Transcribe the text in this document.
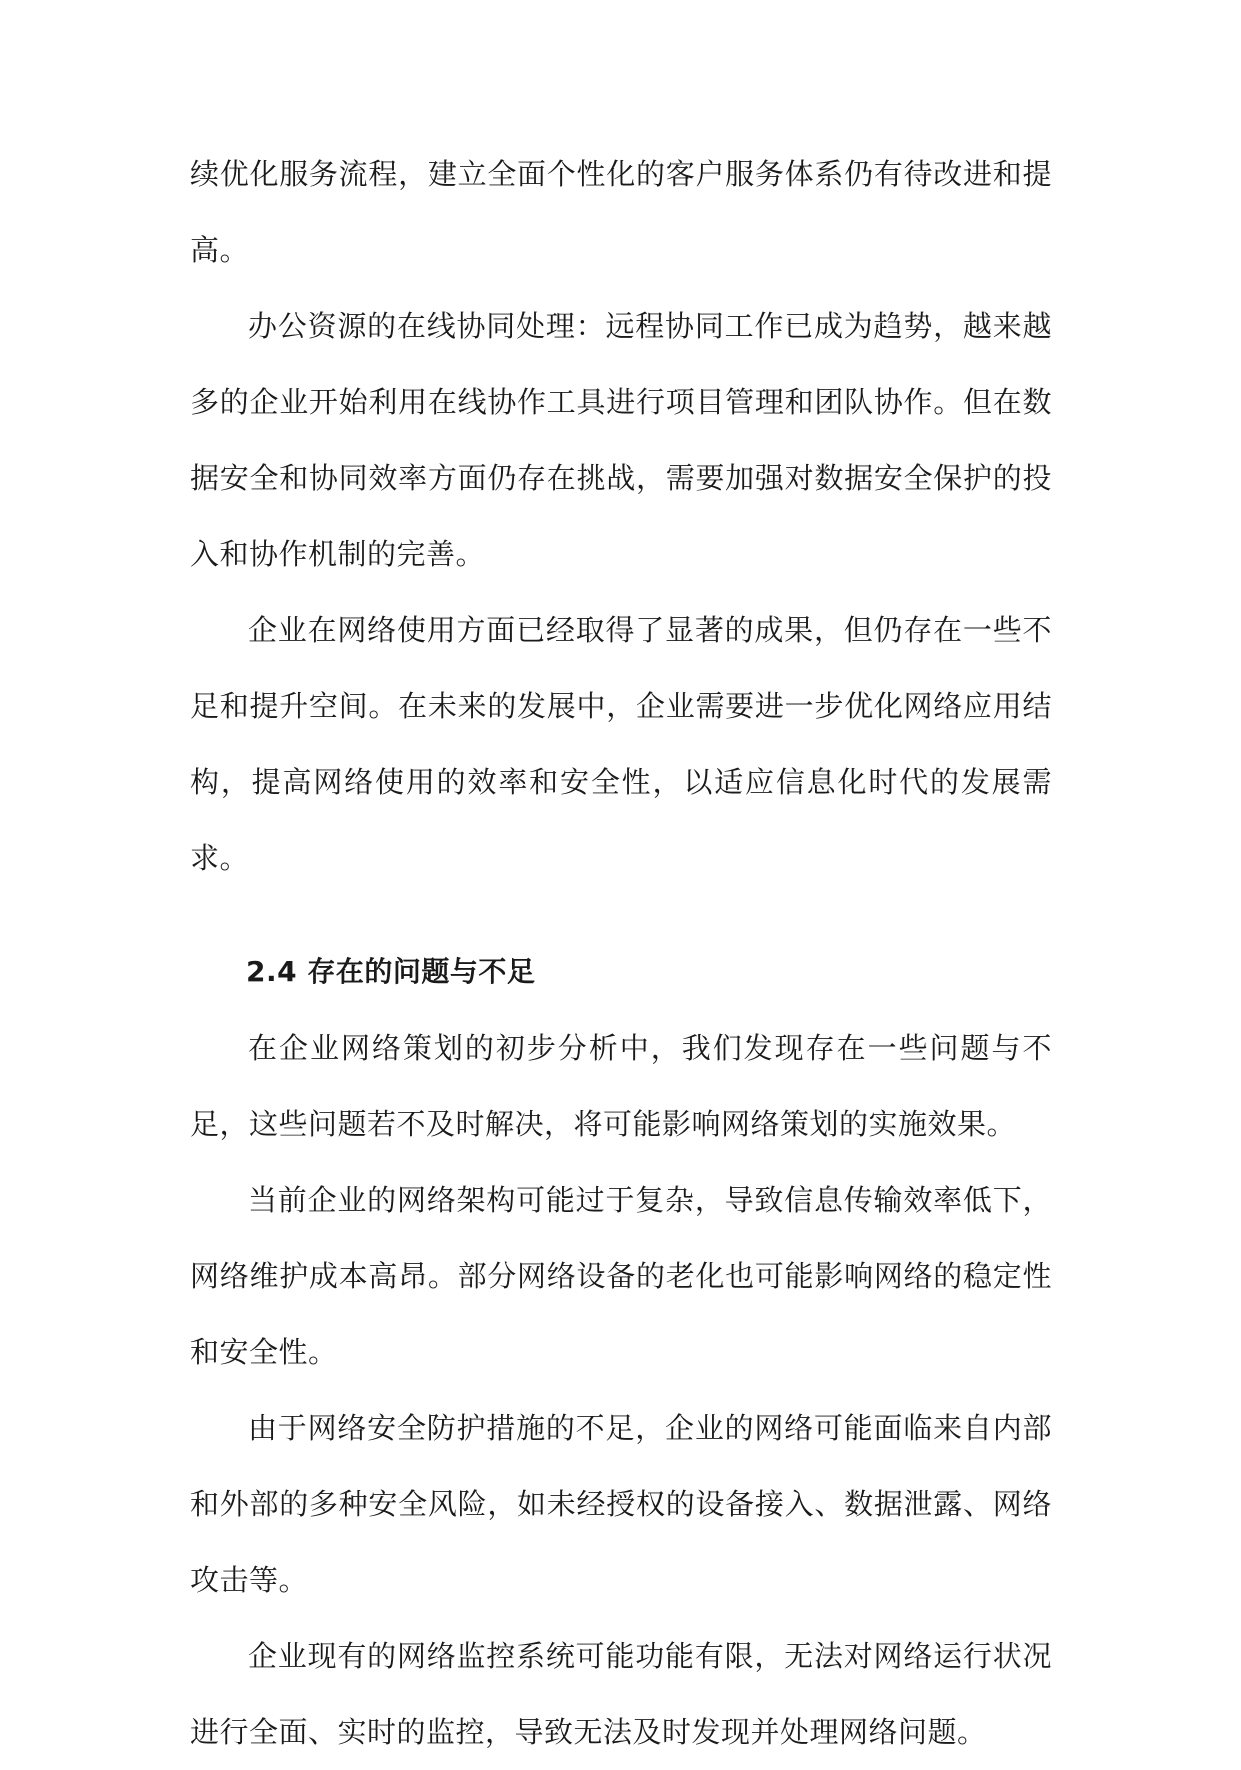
续优化服务流程，建立全面个性化的客户服务体系仍有待改进和提高。

办公资源的在线协同处理：远程协同工作已成为趋势，越来越多的企业开始利用在线协作工具进行项目管理和团队协作。但在数据安全和协同效率方面仍存在挑战，需要加强对数据安全保护的投入和协作机制的完善。

企业在网络使用方面已经取得了显著的成果，但仍存在一些不足和提升空间。在未来的发展中，企业需要进一步优化网络应用结构，提高网络使用的效率和安全性，以适应信息化时代的发展需求。

2.4 存在的问题与不足

在企业网络策划的初步分析中，我们发现存在一些问题与不足，这些问题若不及时解决，将可能影响网络策划的实施效果。

当前企业的网络架构可能过于复杂，导致信息传输效率低下，网络维护成本高昂。部分网络设备的老化也可能影响网络的稳定性和安全性。

由于网络安全防护措施的不足，企业的网络可能面临来自内部和外部的多种安全风险，如未经授权的设备接入、数据泄露、网络攻击等。

企业现有的网络监控系统可能功能有限，无法对网络运行状况进行全面、实时的监控，导致无法及时发现并处理网络问题。
